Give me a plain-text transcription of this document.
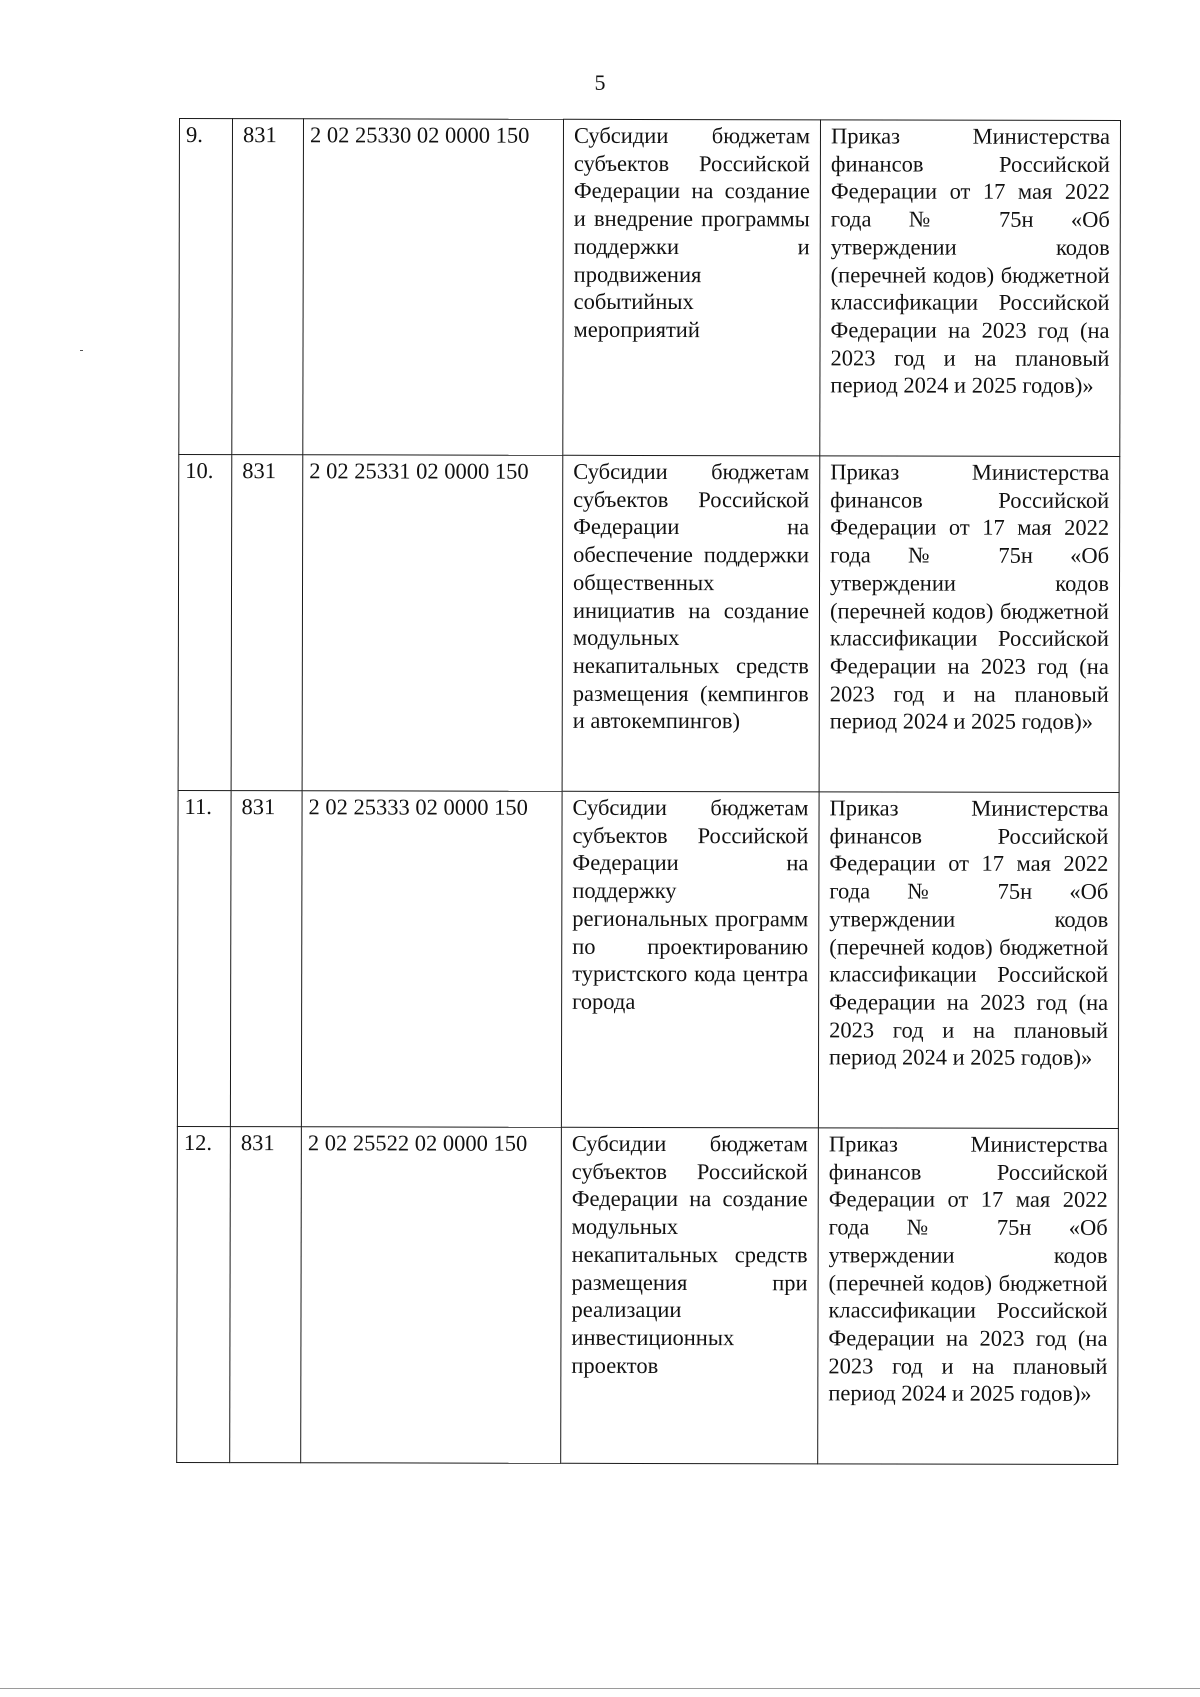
5
9.	831	2 02 25330 02 0000 150	Субсидии бюджетам субъектов Российской Федерации на создание и внедрение программы поддержки и продвижения событийных мероприятий	Приказ Министерства финансов Российской Федерации от 17 мая 2022 года № 75н «Об утверждении кодов (перечней кодов) бюджетной классификации Российской Федерации на 2023 год (на 2023 год и на плановый период 2024 и 2025 годов)»
10.	831	2 02 25331 02 0000 150	Субсидии бюджетам субъектов Российской Федерации на обеспечение поддержки общественных инициатив на создание модульных некапитальных средств размещения (кемпингов и автокемпингов)	Приказ Министерства финансов Российской Федерации от 17 мая 2022 года № 75н «Об утверждении кодов (перечней кодов) бюджетной классификации Российской Федерации на 2023 год (на 2023 год и на плановый период 2024 и 2025 годов)»
11.	831	2 02 25333 02 0000 150	Субсидии бюджетам субъектов Российской Федерации на поддержку региональных программ по проектированию туристского кода центра города	Приказ Министерства финансов Российской Федерации от 17 мая 2022 года № 75н «Об утверждении кодов (перечней кодов) бюджетной классификации Российской Федерации на 2023 год (на 2023 год и на плановый период 2024 и 2025 годов)»
12.	831	2 02 25522 02 0000 150	Субсидии бюджетам субъектов Российской Федерации на создание модульных некапитальных средств размещения при реализации инвестиционных проектов	Приказ Министерства финансов Российской Федерации от 17 мая 2022 года № 75н «Об утверждении кодов (перечней кодов) бюджетной классификации Российской Федерации на 2023 год (на 2023 год и на плановый период 2024 и 2025 годов)»
